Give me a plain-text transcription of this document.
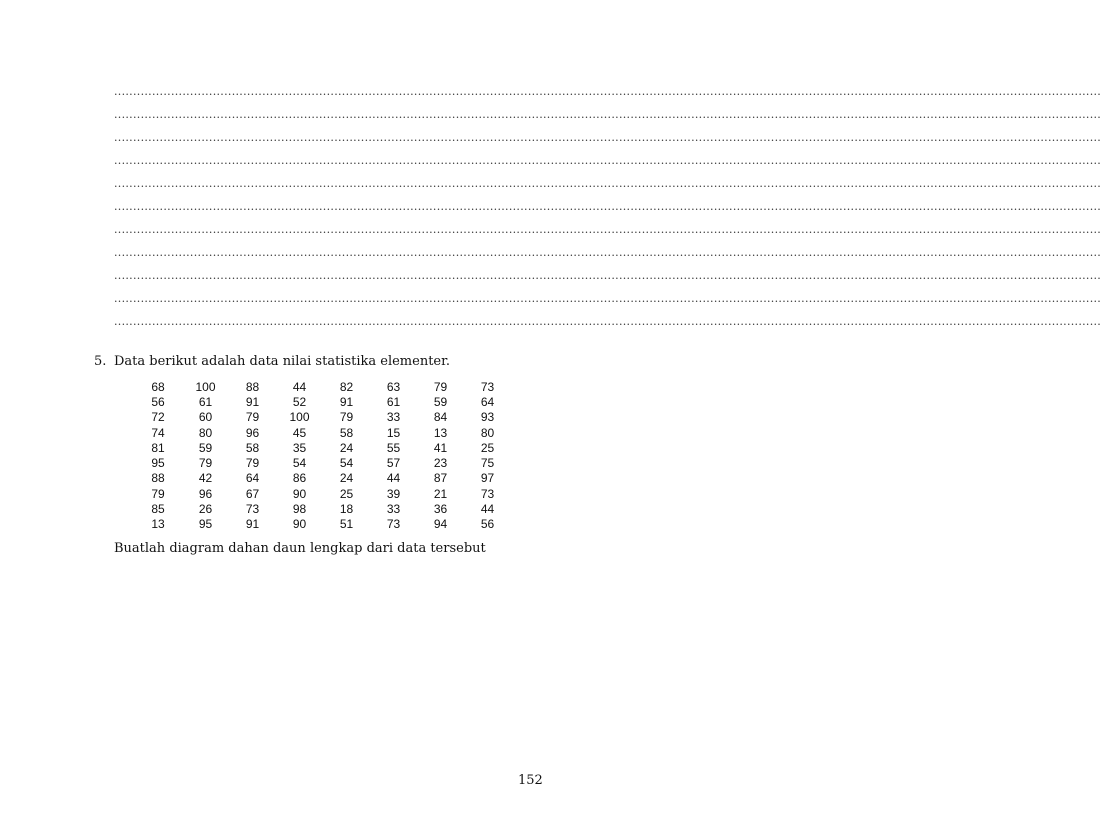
....................................................................................................................................................................................................................................................................
....................................................................................................................................................................................................................................................................
....................................................................................................................................................................................................................................................................
....................................................................................................................................................................................................................................................................
....................................................................................................................................................................................................................................................................
....................................................................................................................................................................................................................................................................
....................................................................................................................................................................................................................................................................
....................................................................................................................................................................................................................................................................
....................................................................................................................................................................................................................................................................
....................................................................................................................................................................................................................................................................
....................................................................................................................................................................................................................................................................
5. Data berikut adalah data nilai statistika elementer.
68	100	88	44	82	63	79	73
56	61	91	52	91	61	59	64
72	60	79	100	79	33	84	93
74	80	96	45	58	15	13	80
81	59	58	35	24	55	41	25
95	79	79	54	54	57	23	75
88	42	64	86	24	44	87	97
79	96	67	90	25	39	21	73
85	26	73	98	18	33	36	44
13	95	91	90	51	73	94	56
Buatlah diagram dahan daun lengkap dari data tersebut
152
